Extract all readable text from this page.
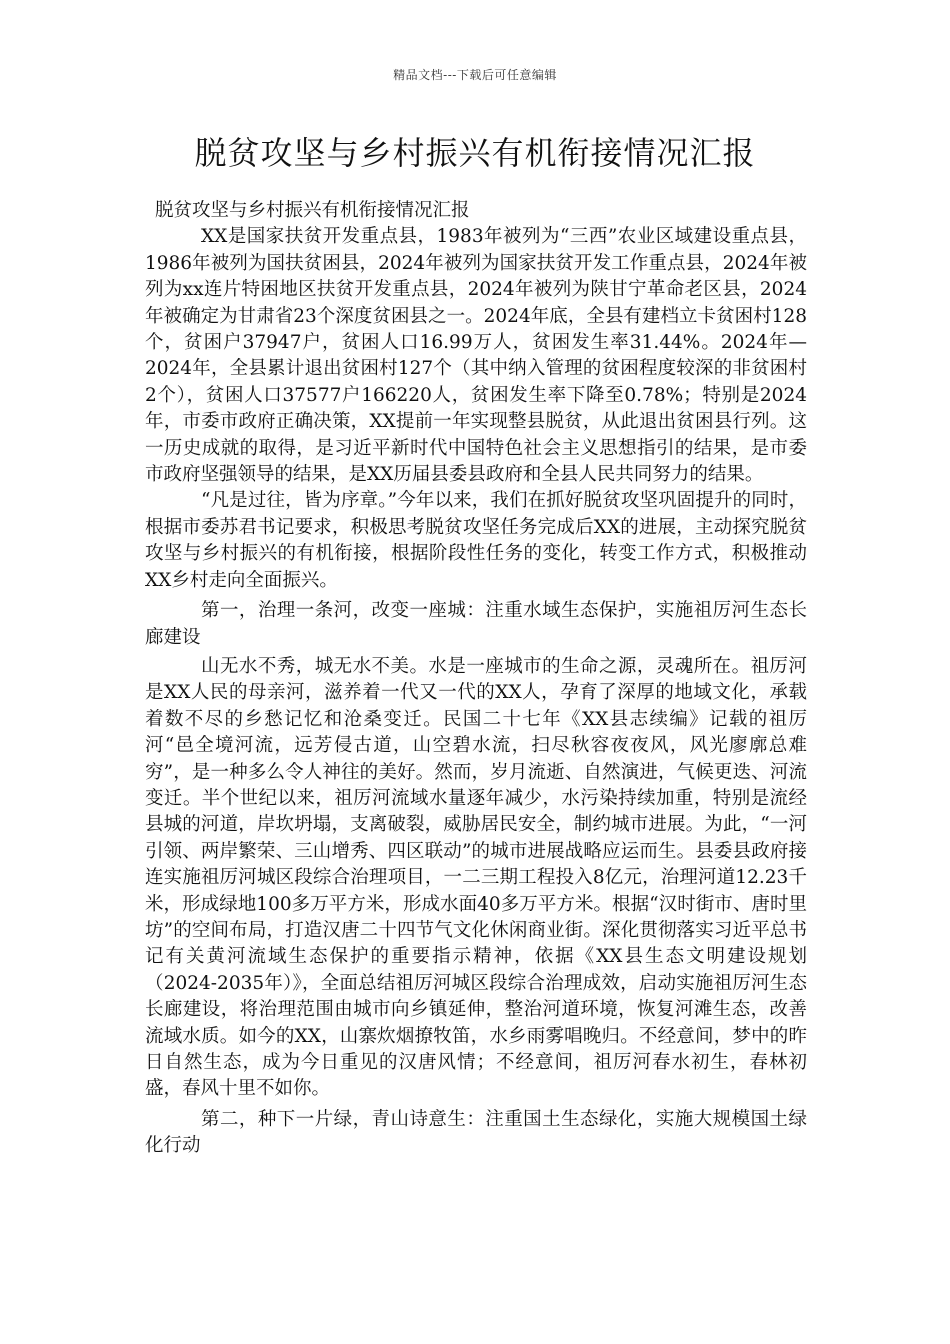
精品文档---下载后可任意编辑
脱贫攻坚与乡村振兴有机衔接情况汇报

脱贫攻坚与乡村振兴有机衔接情况汇报

XX是国家扶贫开发重点县，1983年被列为“三西”农业区域建设重点县，1986年被列为国扶贫困县，2024年被列为国家扶贫开发工作重点县，2024年被列为xx连片特困地区扶贫开发重点县，2024年被列为陕甘宁革命老区县，2024年被确定为甘肃省23个深度贫困县之一。2024年底，全县有建档立卡贫困村128个，贫困户37947户，贫困人口16.99万人，贫困发生率31.44%。2024年—2024年，全县累计退出贫困村127个（其中纳入管理的贫困程度较深的非贫困村2个），贫困人口37577户166220人，贫困发生率下降至0.78%；特别是2024年，市委市政府正确决策，XX提前一年实现整县脱贫，从此退出贫困县行列。这一历史成就的取得，是习近平新时代中国特色社会主义思想指引的结果，是市委市政府坚强领导的结果，是XX历届县委县政府和全县人民共同努力的结果。

“凡是过往，皆为序章。”今年以来，我们在抓好脱贫攻坚巩固提升的同时，根据市委苏君书记要求，积极思考脱贫攻坚任务完成后XX的进展，主动探究脱贫攻坚与乡村振兴的有机衔接，根据阶段性任务的变化，转变工作方式，积极推动XX乡村走向全面振兴。

第一，治理一条河，改变一座城：注重水域生态保护，实施祖厉河生态长廊建设

山无水不秀，城无水不美。水是一座城市的生命之源，灵魂所在。祖厉河是XX人民的母亲河，滋养着一代又一代的XX人，孕育了深厚的地域文化，承载着数不尽的乡愁记忆和沧桑变迁。民国二十七年《XX县志续编》记载的祖厉河“邑全境河流，远芳侵古道，山空碧水流，扫尽秋容夜夜风，风光廖廓总难穷”，是一种多么令人神往的美好。然而，岁月流逝、自然演进，气候更迭、河流变迁。半个世纪以来，祖厉河流域水量逐年减少，水污染持续加重，特别是流经县城的河道，岸坎坍塌，支离破裂，威胁居民安全，制约城市进展。为此，“一河引领、两岸繁荣、三山增秀、四区联动”的城市进展战略应运而生。县委县政府接连实施祖厉河城区段综合治理项目，一二三期工程投入8亿元，治理河道12.23千米，形成绿地100多万平方米，形成水面40多万平方米。根据“汉时街市、唐时里坊”的空间布局，打造汉唐二十四节气文化休闲商业街。深化贯彻落实习近平总书记有关黄河流域生态保护的重要指示精神，依据《XX县生态文明建设规划（2024-2035年）》，全面总结祖厉河城区段综合治理成效，启动实施祖厉河生态长廊建设，将治理范围由城市向乡镇延伸，整治河道环境，恢复河滩生态，改善流域水质。如今的XX，山寨炊烟撩牧笛，水乡雨雾唱晚归。不经意间，梦中的昨日自然生态，成为今日重见的汉唐风情；不经意间，祖厉河春水初生，春林初盛，春风十里不如你。

第二，种下一片绿，青山诗意生：注重国土生态绿化，实施大规模国土绿化行动
